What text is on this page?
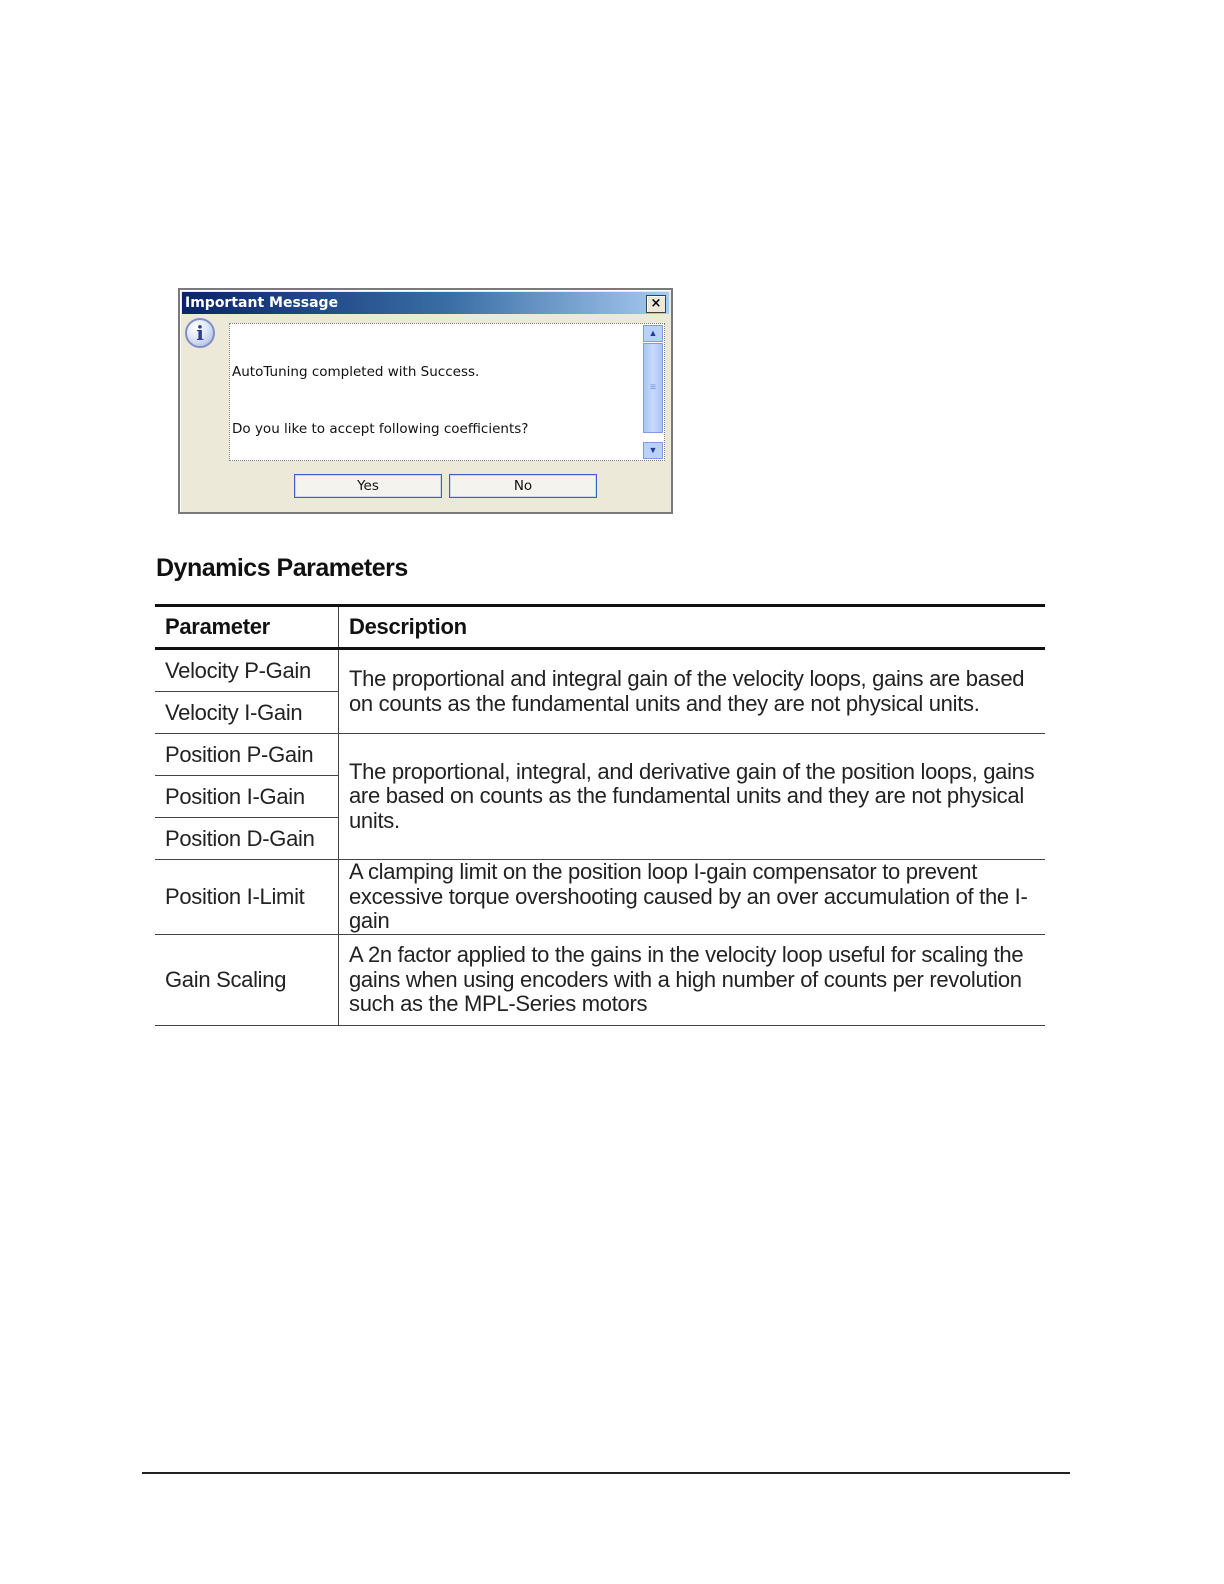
Important Message	×
i

AutoTuning completed with Success.

Do you like to accept following coefficients?

▲
≡
▼
Yes	No
Dynamics Parameters
Parameter	Description
Velocity P-Gain	The proportional and integral gain of the velocity loops, gains are based on counts as the fundamental units and they are not physical units.
Velocity I-Gain	
Position P-Gain	The proportional, integral, and derivative gain of the position loops, gains are based on counts as the fundamental units and they are not physical units.
Position I-Gain	
Position D-Gain	
Position I-Limit	A clamping limit on the position loop I-gain compensator to prevent excessive torque overshooting caused by an over accumulation of the I-gain
Gain Scaling	A 2n factor applied to the gains in the velocity loop useful for scaling the gains when using encoders with a high number of counts per revolution such as the MPL-Series motors
